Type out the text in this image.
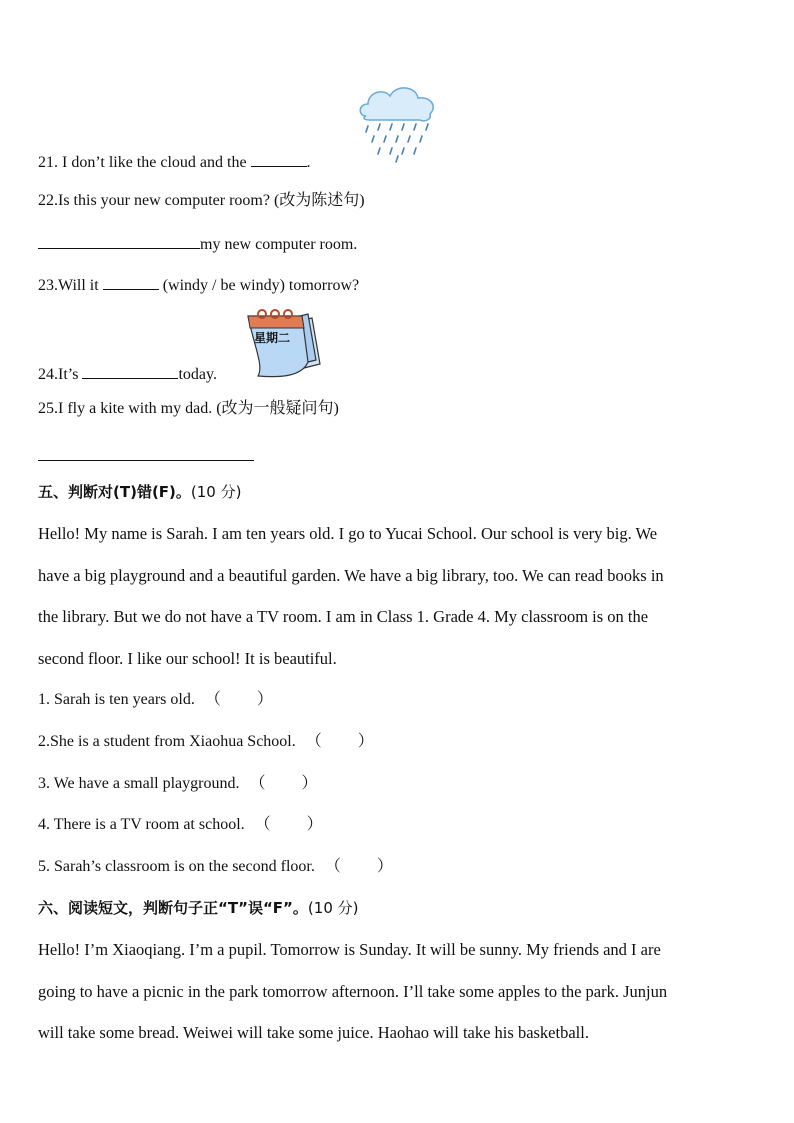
21. I don’t like the cloud and the	.
22.Is this your new computer room? (改为陈述句)
my new computer room.
23.Will it	(windy / be windy) tomorrow?
星期二
24.It’s	today.
25.I fly a kite with my dad. (改为一般疑问句)
五、判断对(T)错(F)。(10 分)
Hello! My name is Sarah. I am ten years old. I go to Yucai School. Our school is very big. We
have a big playground and a beautiful garden. We have a big library, too. We can read books in
the library. But we do not have a TV room. I am in Class 1. Grade 4. My classroom is on the
second floor. I like our school! It is beautiful.
1. Sarah is ten years old. （ ）
2.She is a student from Xiaohua School. （ ）
3. We have a small playground. （ ）
4. There is a TV room at school. （ ）
5. Sarah’s classroom is on the second floor. （ ）
六、阅读短文，判断句子正“T”误“F”。(10 分)
Hello! I’m Xiaoqiang. I’m a pupil. Tomorrow is Sunday. It will be sunny. My friends and I are
going to have a picnic in the park tomorrow afternoon. I’ll take some apples to the park. Junjun
will take some bread. Weiwei will take some juice. Haohao will take his basketball.
